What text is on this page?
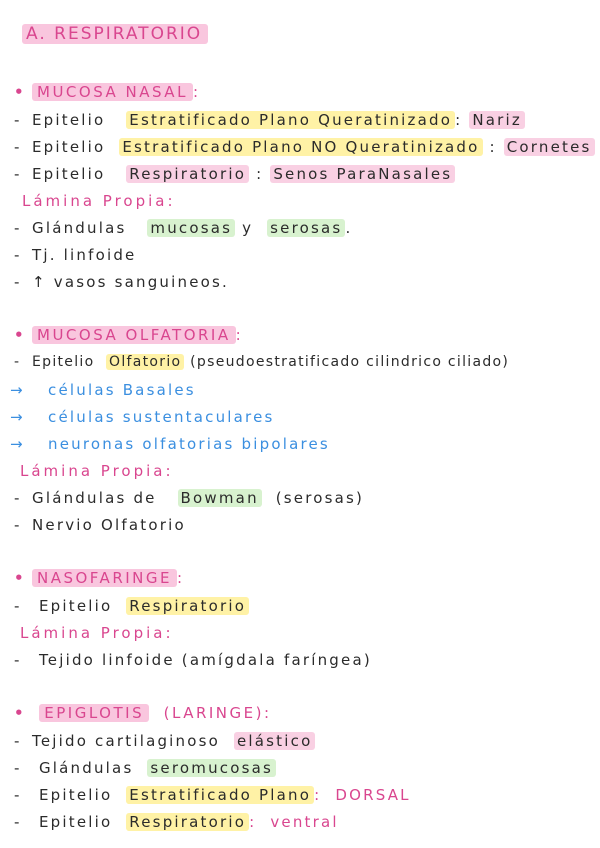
A. RESPIRATORIO
• MUCOSA NASAL :
- Epitelio Estratificado Plano Queratinizado : Nariz
- Epitelio Estratificado Plano NO Queratinizado : Cornetes
- Epitelio Respiratorio : Senos ParaNasales
Lámina Propia:
- Glándulas mucosas y serosas .
- Tj. linfoide
- ↑ vasos sanguineos.
• MUCOSA OLFATORIA :
- Epitelio Olfatorio (pseudoestratificado cilindrico ciliado)
→ células Basales
→ células sustentaculares
→ neuronas olfatorias bipolares
Lámina Propia:
- Glándulas de Bowman (serosas)
- Nervio Olfatorio
• NASOFARINGE :
- Epitelio Respiratorio
Lámina Propia:
- Tejido linfoide (amígdala faríngea)
• EPIGLOTIS (LARINGE):
- Tejido cartilaginoso elástico
- Glándulas seromucosas
- Epitelio Estratificado Plano : DORSAL
- Epitelio Respiratorio : ventral
